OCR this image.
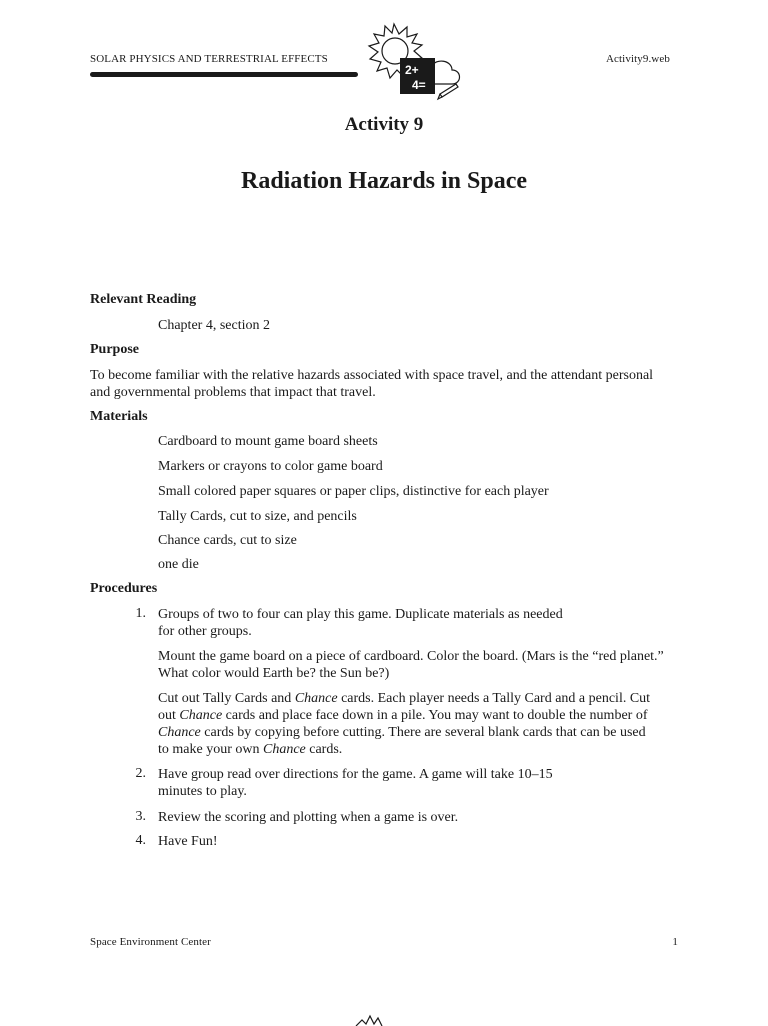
SOLAR PHYSICS AND TERRESTRIAL EFFECTS	Activity9.web
2+
4=
Activity 9
Radiation Hazards in Space
Relevant Reading
Chapter 4, section 2
Purpose
To become familiar with the relative hazards associated with space travel, and the attendant personal
and governmental problems that impact that travel.
Materials
Cardboard to mount game board sheets
Markers or crayons to color game board
Small colored paper squares or paper clips, distinctive for each player
Tally Cards, cut to size, and pencils
Chance cards, cut to size
one die
Procedures
1. Groups of two to four can play this game. Duplicate materials as needed
for other groups.
Mount the game board on a piece of cardboard. Color the board. (Mars is the “red planet.”
What color would Earth be? the Sun be?)
Cut out Tally Cards and Chance cards. Each player needs a Tally Card and a pencil. Cut
out Chance cards and place face down in a pile. You may want to double the number of
Chance cards by copying before cutting. There are several blank cards that can be used
to make your own Chance cards.
2. Have group read over directions for the game. A game will take 10–15
minutes to play.
3. Review the scoring and plotting when a game is over.
4. Have Fun!
Space Environment Center	1
